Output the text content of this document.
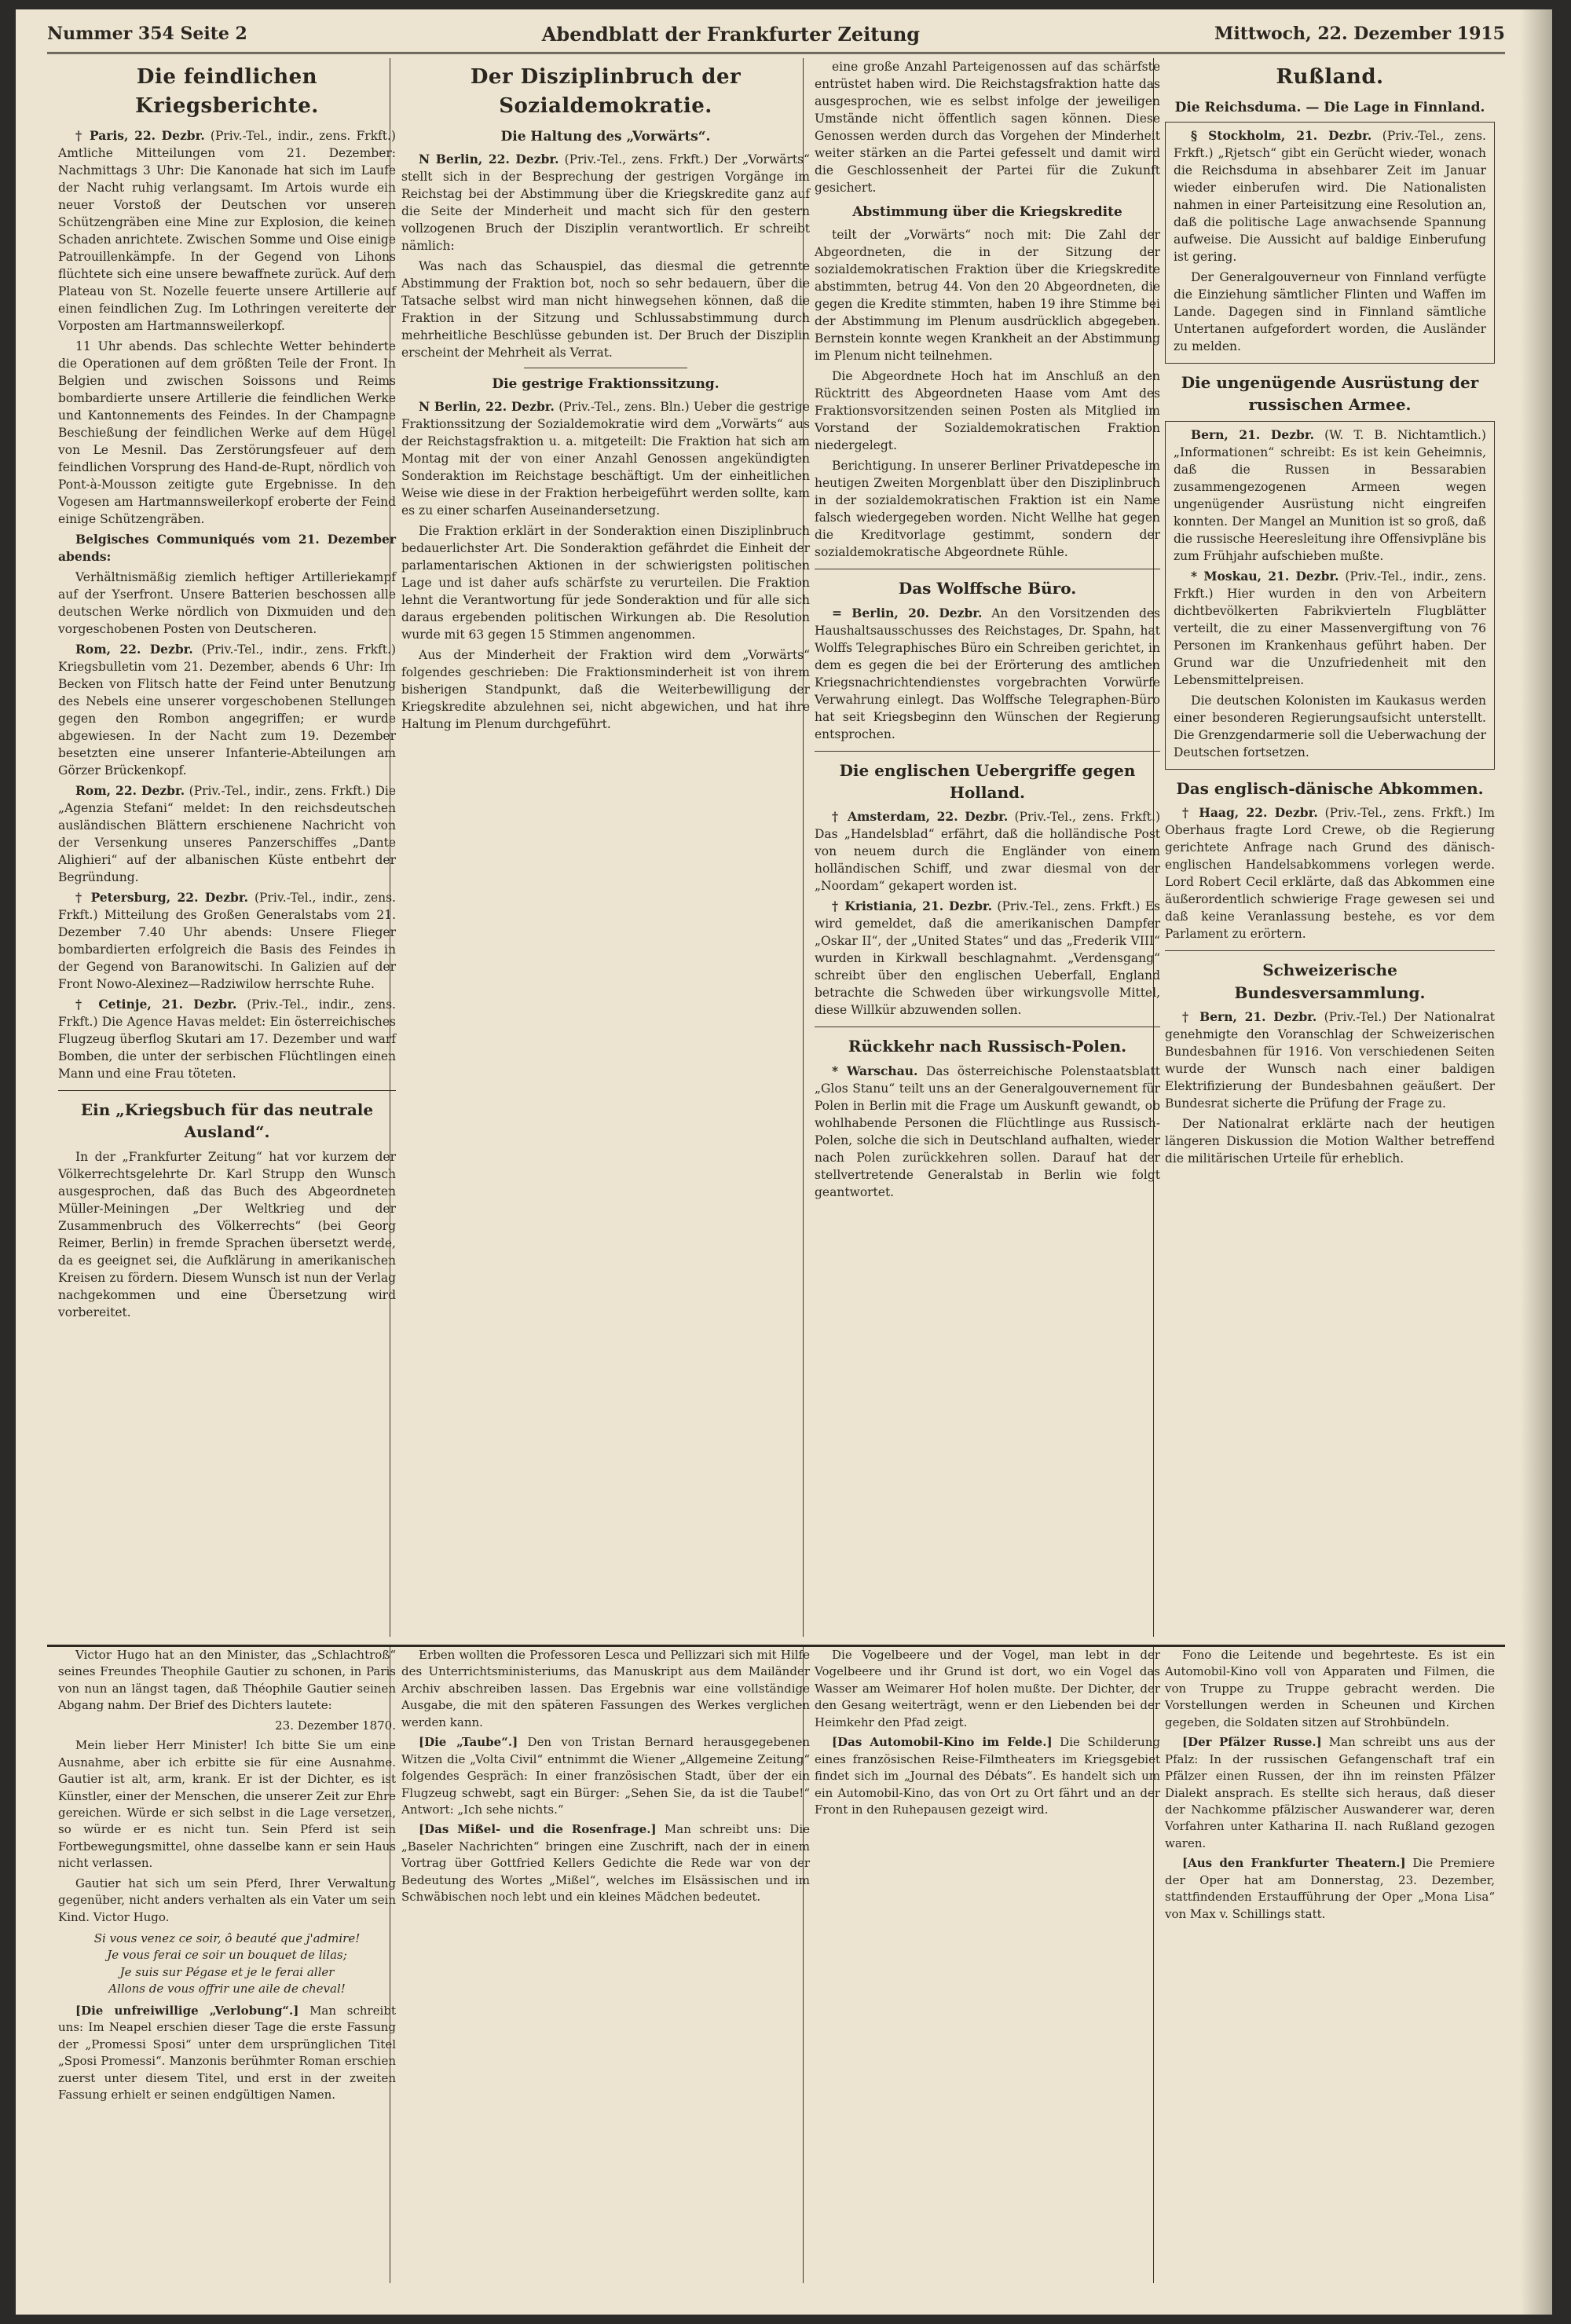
Nummer 354 Seite 2	Abendblatt der Frankfurter Zeitung	Mittwoch, 22. Dezember 1915
Die feindlichen Kriegsberichte.

† Paris, 22. Dezbr. (Priv.-Tel., indir., zens. Frkft.) Amtliche Mitteilungen vom 21. Dezember: Nachmittags 3 Uhr: Die Kanonade hat sich im Laufe der Nacht ruhig verlangsamt. Im Artois wurde ein neuer Vorstoß der Deutschen vor unseren Schützengräben eine Mine zur Explosion, die keinen Schaden anrichtete. Zwischen Somme und Oise einige Patrouillenkämpfe. In der Gegend von Lihons flüchtete sich eine unsere bewaffnete zurück. Auf dem Plateau von St. Nozelle feuerte unsere Artillerie auf einen feindlichen Zug. Im Lothringen vereiterte der Vorposten am Hartmannsweilerkopf.

11 Uhr abends. Das schlechte Wetter behinderte die Operationen auf dem größten Teile der Front. In Belgien und zwischen Soissons und Reims bombardierte unsere Artillerie die feindlichen Werke und Kantonnements des Feindes. In der Champagne Beschießung der feindlichen Werke auf dem Hügel von Le Mesnil. Das Zerstörungsfeuer auf dem feindlichen Vorsprung des Hand-de-Rupt, nördlich von Pont-à-Mousson zeitigte gute Ergebnisse. In den Vogesen am Hartmannsweilerkopf eroberte der Feind einige Schützengräben.

Belgisches Communiqués vom 21. Dezember abends:

Verhältnismäßig ziemlich heftiger Artilleriekampf auf der Yserfront. Unsere Batterien beschossen alle deutschen Werke nördlich von Dixmuiden und den vorgeschobenen Posten von Deutscheren.

Rom, 22. Dezbr. (Priv.-Tel., indir., zens. Frkft.) Kriegsbulletin vom 21. Dezember, abends 6 Uhr: Im Becken von Flitsch hatte der Feind unter Benutzung des Nebels eine unserer vorgeschobenen Stellungen gegen den Rombon angegriffen; er wurde abgewiesen. In der Nacht zum 19. Dezember besetzten eine unserer Infanterie-Abteilungen am Görzer Brückenkopf.

Rom, 22. Dezbr. (Priv.-Tel., indir., zens. Frkft.) Die „Agenzia Stefani“ meldet: In den reichsdeutschen ausländischen Blättern erschienene Nachricht von der Versenkung unseres Panzerschiffes „Dante Alighieri“ auf der albanischen Küste entbehrt der Begründung.

† Petersburg, 22. Dezbr. (Priv.-Tel., indir., zens. Frkft.) Mitteilung des Großen Generalstabs vom 21. Dezember 7.40 Uhr abends: Unsere Flieger bombardierten erfolgreich die Basis des Feindes in der Gegend von Baranowitschi. In Galizien auf der Front Nowo-Alexinez—Radziwilow herrschte Ruhe.

† Cetinje, 21. Dezbr. (Priv.-Tel., indir., zens. Frkft.) Die Agence Havas meldet: Ein österreichisches Flugzeug überflog Skutari am 17. Dezember und warf Bomben, die unter der serbischen Flüchtlingen einen Mann und eine Frau töteten.

Ein „Kriegsbuch für das neutrale Ausland“.

In der „Frankfurter Zeitung“ hat vor kurzem der Völkerrechtsgelehrte Dr. Karl Strupp den Wunsch ausgesprochen, daß das Buch des Abgeordneten Müller-Meiningen „Der Weltkrieg und der Zusammenbruch des Völkerrechts“ (bei Georg Reimer, Berlin) in fremde Sprachen übersetzt werde, da es geeignet sei, die Aufklärung in amerikanischen Kreisen zu fördern. Diesem Wunsch ist nun der Verlag nachgekommen und eine Übersetzung wird vorbereitet.

Der Disziplinbruch der Sozialdemokratie.
Die Haltung des „Vorwärts“.

N Berlin, 22. Dezbr. (Priv.-Tel., zens. Frkft.) Der „Vorwärts“ stellt sich in der Besprechung der gestrigen Vorgänge im Reichstag bei der Abstimmung über die Kriegskredite ganz auf die Seite der Minderheit und macht sich für den gestern vollzogenen Bruch der Disziplin verantwortlich. Er schreibt nämlich:

Was nach das Schauspiel, das diesmal die getrennte Abstimmung der Fraktion bot, noch so sehr bedauern, über die Tatsache selbst wird man nicht hinwegsehen können, daß die Fraktion in der Sitzung und Schlussabstimmung durch mehrheitliche Beschlüsse gebunden ist. Der Bruch der Disziplin erscheint der Mehrheit als Verrat.

Die gestrige Fraktionssitzung.

N Berlin, 22. Dezbr. (Priv.-Tel., zens. Bln.) Ueber die gestrige Fraktionssitzung der Sozialdemokratie wird dem „Vorwärts“ aus der Reichstagsfraktion u. a. mitgeteilt: Die Fraktion hat sich am Montag mit der von einer Anzahl Genossen angekündigten Sonderaktion im Reichstage beschäftigt. Um der einheitlichen Weise wie diese in der Fraktion herbeigeführt werden sollte, kam es zu einer scharfen Auseinandersetzung.

Die Fraktion erklärt in der Sonderaktion einen Disziplinbruch bedauerlichster Art. Die Sonderaktion gefährdet die Einheit der parlamentarischen Aktionen in der schwierigsten politischen Lage und ist daher aufs schärfste zu verurteilen. Die Fraktion lehnt die Verantwortung für jede Sonderaktion und für alle sich daraus ergebenden politischen Wirkungen ab. Die Resolution wurde mit 63 gegen 15 Stimmen angenommen.

Aus der Minderheit der Fraktion wird dem „Vorwärts“ folgendes geschrieben: Die Fraktionsminderheit ist von ihrem bisherigen Standpunkt, daß die Weiterbewilligung der Kriegskredite abzulehnen sei, nicht abgewichen, und hat ihre Haltung im Plenum durchgeführt.

eine große Anzahl Parteigenossen auf das schärfste entrüstet haben wird. Die Reichstagsfraktion hatte das ausgesprochen, wie es selbst infolge der jeweiligen Umstände nicht öffentlich sagen können. Diese Genossen werden durch das Vorgehen der Minderheit weiter stärken an die Partei gefesselt und damit wird die Geschlossenheit der Partei für die Zukunft gesichert.

Abstimmung über die Kriegskredite

teilt der „Vorwärts“ noch mit: Die Zahl der Abgeordneten, die in der Sitzung der sozialdemokratischen Fraktion über die Kriegskredite abstimmten, betrug 44. Von den 20 Abgeordneten, die gegen die Kredite stimmten, haben 19 ihre Stimme bei der Abstimmung im Plenum ausdrücklich abgegeben. Bernstein konnte wegen Krankheit an der Abstimmung im Plenum nicht teilnehmen.

Die Abgeordnete Hoch hat im Anschluß an den Rücktritt des Abgeordneten Haase vom Amt des Fraktionsvorsitzenden seinen Posten als Mitglied im Vorstand der Sozialdemokratischen Fraktion niedergelegt.

Berichtigung. In unserer Berliner Privatdepesche im heutigen Zweiten Morgenblatt über den Disziplinbruch in der sozialdemokratischen Fraktion ist ein Name falsch wiedergegeben worden. Nicht Wellhe hat gegen die Kreditvorlage gestimmt, sondern der sozialdemokratische Abgeordnete Rühle.

Das Wolffsche Büro.

= Berlin, 20. Dezbr. An den Vorsitzenden des Haushaltsausschusses des Reichstages, Dr. Spahn, hat Wolffs Telegraphisches Büro ein Schreiben gerichtet, in dem es gegen die bei der Erörterung des amtlichen Kriegsnachrichtendienstes vorgebrachten Vorwürfe Verwahrung einlegt. Das Wolffsche Telegraphen-Büro hat seit Kriegsbeginn den Wünschen der Regierung entsprochen.

Die englischen Uebergriffe gegen Holland.

† Amsterdam, 22. Dezbr. (Priv.-Tel., zens. Frkft.) Das „Handelsblad“ erfährt, daß die holländische Post von neuem durch die Engländer von einem holländischen Schiff, und zwar diesmal von der „Noordam“ gekapert worden ist.

† Kristiania, 21. Dezbr. (Priv.-Tel., zens. Frkft.) Es wird gemeldet, daß die amerikanischen Dampfer „Oskar II“, der „United States“ und das „Frederik VIII“ wurden in Kirkwall beschlagnahmt. „Verdensgang“ schreibt über den englischen Ueberfall, England betrachte die Schweden über wirkungsvolle Mittel, diese Willkür abzuwenden sollen.

Rückkehr nach Russisch-Polen.

* Warschau. Das österreichische Polenstaatsblatt „Glos Stanu“ teilt uns an der Generalgouvernement für Polen in Berlin mit die Frage um Auskunft gewandt, ob wohlhabende Personen die Flüchtlinge aus Russisch-Polen, solche die sich in Deutschland aufhalten, wieder nach Polen zurückkehren sollen. Darauf hat der stellvertretende Generalstab in Berlin wie folgt geantwortet.

Rußland.
Die Reichsduma. — Die Lage in Finnland.

§ Stockholm, 21. Dezbr. (Priv.-Tel., zens. Frkft.) „Rjetsch“ gibt ein Gerücht wieder, wonach die Reichsduma in absehbarer Zeit im Januar wieder einberufen wird. Die Nationalisten nahmen in einer Parteisitzung eine Resolution an, daß die politische Lage anwachsende Spannung aufweise. Die Aussicht auf baldige Einberufung ist gering.

Der Generalgouverneur von Finnland verfügte die Einziehung sämtlicher Flinten und Waffen im Lande. Dagegen sind in Finnland sämtliche Untertanen aufgefordert worden, die Ausländer zu melden.

Die ungenügende Ausrüstung der russischen Armee.

Bern, 21. Dezbr. (W. T. B. Nichtamtlich.) „Informationen“ schreibt: Es ist kein Geheimnis, daß die Russen in Bessarabien zusammengezogenen Armeen wegen ungenügender Ausrüstung nicht eingreifen konnten. Der Mangel an Munition ist so groß, daß die russische Heeresleitung ihre Offensivpläne bis zum Frühjahr aufschieben mußte.

* Moskau, 21. Dezbr. (Priv.-Tel., indir., zens. Frkft.) Hier wurden in den von Arbeitern dichtbevölkerten Fabrikvierteln Flugblätter verteilt, die zu einer Massenvergiftung von 76 Personen im Krankenhaus geführt haben. Der Grund war die Unzufriedenheit mit den Lebensmittelpreisen.

Die deutschen Kolonisten im Kaukasus werden einer besonderen Regierungsaufsicht unterstellt. Die Grenzgendarmerie soll die Ueberwachung der Deutschen fortsetzen.

Das englisch-dänische Abkommen.

† Haag, 22. Dezbr. (Priv.-Tel., zens. Frkft.) Im Oberhaus fragte Lord Crewe, ob die Regierung gerichtete Anfrage nach Grund des dänisch-englischen Handelsabkommens vorlegen werde. Lord Robert Cecil erklärte, daß das Abkommen eine äußerordentlich schwierige Frage gewesen sei und daß keine Veranlassung bestehe, es vor dem Parlament zu erörtern.

Schweizerische Bundesversammlung.

† Bern, 21. Dezbr. (Priv.-Tel.) Der Nationalrat genehmigte den Voranschlag der Schweizerischen Bundesbahnen für 1916. Von verschiedenen Seiten wurde der Wunsch nach einer baldigen Elektrifizierung der Bundesbahnen geäußert. Der Bundesrat sicherte die Prüfung der Frage zu.

Der Nationalrat erklärte nach der heutigen längeren Diskussion die Motion Walther betreffend die militärischen Urteile für erheblich.

Victor Hugo hat an den Minister, das „Schlachtroß“ seines Freundes Theophile Gautier zu schonen, in Paris von nun an längst tagen, daß Théophile Gautier seinen Abgang nahm. Der Brief des Dichters lautete:

23. Dezember 1870.

Mein lieber Herr Minister! Ich bitte Sie um eine Ausnahme, aber ich erbitte sie für eine Ausnahme. Gautier ist alt, arm, krank. Er ist der Dichter, es ist Künstler, einer der Menschen, die unserer Zeit zur Ehre gereichen. Würde er sich selbst in die Lage versetzen, so würde er es nicht tun. Sein Pferd ist sein Fortbewegungsmittel, ohne dasselbe kann er sein Haus nicht verlassen.

Gautier hat sich um sein Pferd, Ihrer Verwaltung gegenüber, nicht anders verhalten als ein Vater um sein Kind. Victor Hugo.

Si vous venez ce soir, ô beauté que j'admire!
Je vous ferai ce soir un bouquet de lilas;
Je suis sur Pégase et je le ferai aller
Allons de vous offrir une aile de cheval!

[Die unfreiwillige „Verlobung“.] Man schreibt uns: Im Neapel erschien dieser Tage die erste Fassung der „Promessi Sposi“ unter dem ursprünglichen Titel „Sposi Promessi“. Manzonis berühmter Roman erschien zuerst unter diesem Titel, und erst in der zweiten Fassung erhielt er seinen endgültigen Namen.

Erben wollten die Professoren Lesca und Pellizzari sich mit Hilfe des Unterrichtsministeriums, das Manuskript aus dem Mailänder Archiv abschreiben lassen. Das Ergebnis war eine vollständige Ausgabe, die mit den späteren Fassungen des Werkes verglichen werden kann.

[Die „Taube“.] Den von Tristan Bernard herausgegebenen Witzen die „Volta Civil“ entnimmt die Wiener „Allgemeine Zeitung“ folgendes Gespräch: In einer französischen Stadt, über der ein Flugzeug schwebt, sagt ein Bürger: „Sehen Sie, da ist die Taube!“ Antwort: „Ich sehe nichts.“

[Das Mißel- und die Rosenfrage.] Man schreibt uns: Die „Baseler Nachrichten“ bringen eine Zuschrift, nach der in einem Vortrag über Gottfried Kellers Gedichte die Rede war von der Bedeutung des Wortes „Mißel“, welches im Elsässischen und im Schwäbischen noch lebt und ein kleines Mädchen bedeutet.

Die Vogelbeere und der Vogel, man lebt in der Vogelbeere und ihr Grund ist dort, wo ein Vogel das Wasser am Weimarer Hof holen mußte. Der Dichter, der den Gesang weiterträgt, wenn er den Liebenden bei der Heimkehr den Pfad zeigt.

[Das Automobil-Kino im Felde.] Die Schilderung eines französischen Reise-Filmtheaters im Kriegsgebiet findet sich im „Journal des Débats“. Es handelt sich um ein Automobil-Kino, das von Ort zu Ort fährt und an der Front in den Ruhepausen gezeigt wird.

Fono die Leitende und begehrteste. Es ist ein Automobil-Kino voll von Apparaten und Filmen, die von Truppe zu Truppe gebracht werden. Die Vorstellungen werden in Scheunen und Kirchen gegeben, die Soldaten sitzen auf Strohbündeln.

[Der Pfälzer Russe.] Man schreibt uns aus der Pfalz: In der russischen Gefangenschaft traf ein Pfälzer einen Russen, der ihn im reinsten Pfälzer Dialekt ansprach. Es stellte sich heraus, daß dieser der Nachkomme pfälzischer Auswanderer war, deren Vorfahren unter Katharina II. nach Rußland gezogen waren.

[Aus den Frankfurter Theatern.] Die Premiere der Oper hat am Donnerstag, 23. Dezember, stattfindenden Erstaufführung der Oper „Mona Lisa“ von Max v. Schillings statt.
